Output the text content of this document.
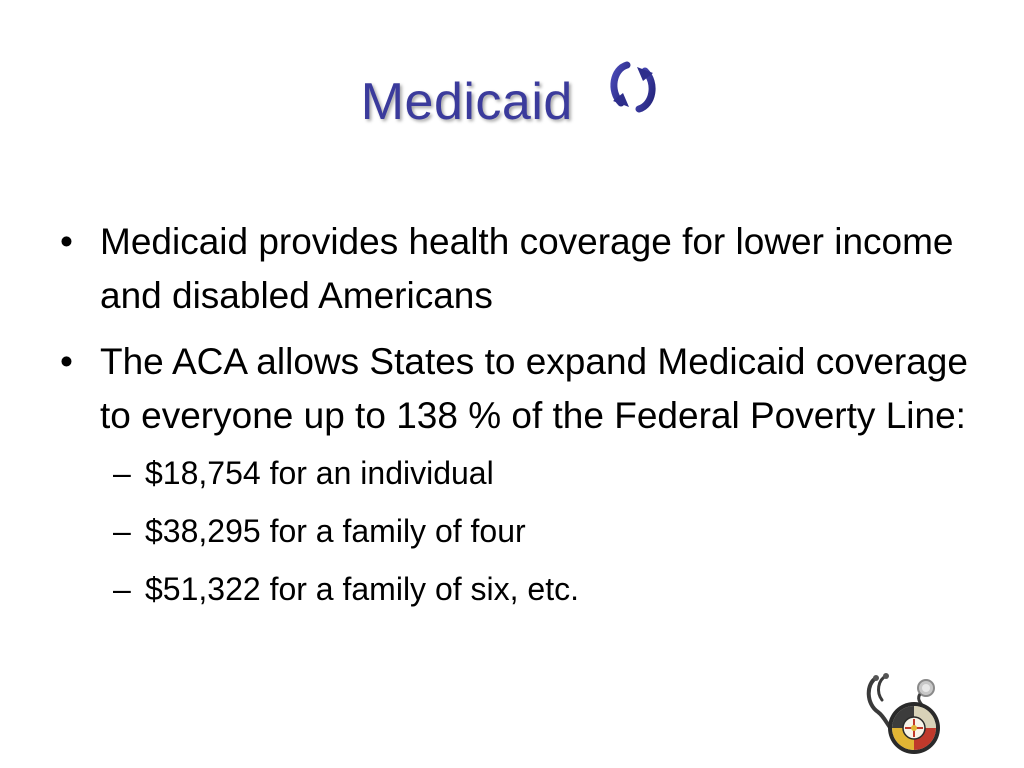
Medicaid
• Medicaid provides health coverage for lower income and disabled Americans
• The ACA allows States to expand Medicaid coverage to everyone up to 138 % of the Federal Poverty Line:
– $18,754 for an individual
– $38,295 for a family of four
– $51,322 for a family of six, etc.
